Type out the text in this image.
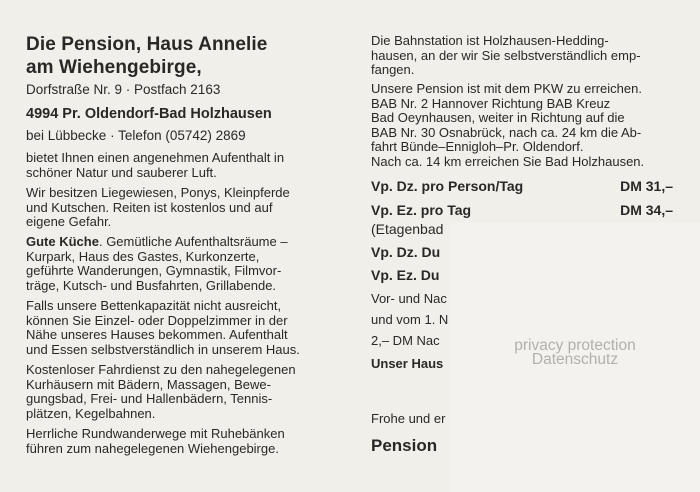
Die Pension, Haus Annelie
am Wiehengebirge,
Dorfstraße Nr. 9 · Postfach 2163
4994 Pr. Oldendorf-Bad Holzhausen
bei Lübbecke · Telefon (05742) 2869
bietet Ihnen einen angenehmen Aufenthalt in
schöner Natur und sauberer Luft.
Wir besitzen Liegewiesen, Ponys, Kleinpferde
und Kutschen. Reiten ist kostenlos und auf
eigene Gefahr.
Gute Küche. Gemütliche Aufenthaltsräume –
Kurpark, Haus des Gastes, Kurkonzerte,
geführte Wanderungen, Gymnastik, Filmvor-
träge, Kutsch- und Busfahrten, Grillabende.
Falls unsere Bettenkapazität nicht ausreicht,
können Sie Einzel- oder Doppelzimmer in der
Nähe unseres Hauses bekommen. Aufenthalt
und Essen selbstverständlich in unserem Haus.
Kostenloser Fahrdienst zu den nahegelegenen
Kurhäusern mit Bädern, Massagen, Bewe-
gungsbad, Frei- und Hallenbädern, Tennis-
plätzen, Kegelbahnen.
Herrliche Rundwanderwege mit Ruhebänken
führen zum nahegelegenen Wiehengebirge.
Die Bahnstation ist Holzhausen-Hedding-
hausen, an der wir Sie selbstverständlich emp-
fangen.
Unsere Pension ist mit dem PKW zu erreichen.
BAB Nr. 2 Hannover Richtung BAB Kreuz
Bad Oeynhausen, weiter in Richtung auf die
BAB Nr. 30 Osnabrück, nach ca. 24 km die Ab-
fahrt Bünde–Ennigloh–Pr. Oldendorf.
Nach ca. 14 km erreichen Sie Bad Holzhausen.
Vp. Dz. pro Person/Tag	DM 31,–
Vp. Ez. pro Tag	DM 34,–
(Etagenbad
Vp. Dz. Du
Vp. Ez. Du
Vor- und Nac
und vom 1. N
2,– DM Nac
Unser Haus
Frohe und er
Pension
privacy protection
Datenschutz
